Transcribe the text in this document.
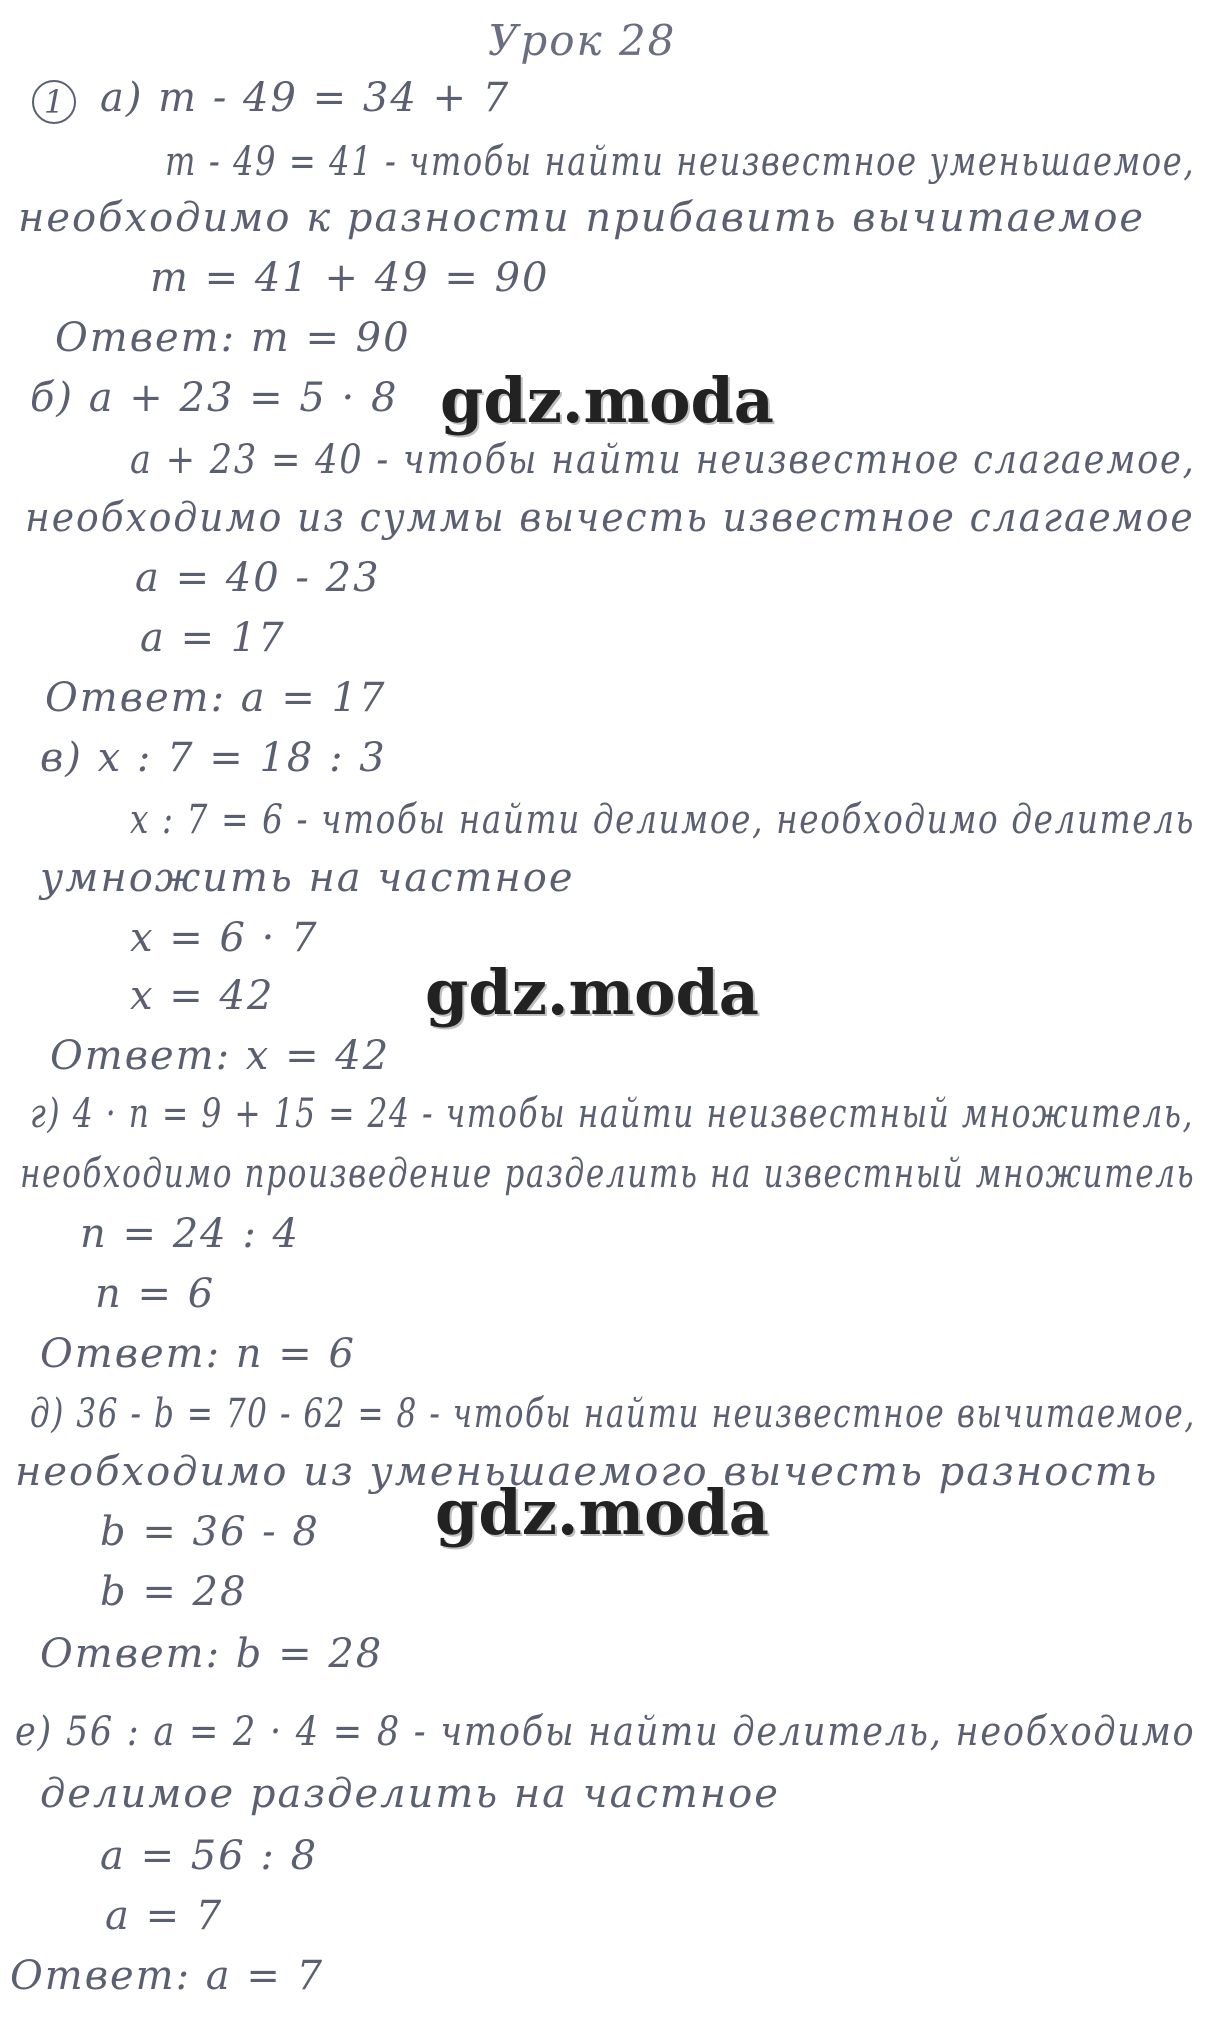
Урок 28
1 а) m - 49 = 34 + 7
m - 49 = 41 - чтобы найти неизвестное уменьшаемое,
необходимо к разности прибавить вычитаемое
m = 41 + 49 = 90
Ответ: m = 90
б) a + 23 = 5 · 8
a + 23 = 40 - чтобы найти неизвестное слагаемое,
необходимо из суммы вычесть известное слагаемое
a = 40 - 23
a = 17
Ответ: a = 17
в) x : 7 = 18 : 3
x : 7 = 6 - чтобы найти делимое, необходимо делитель
умножить на частное
x = 6 · 7
x = 42
Ответ: x = 42
г) 4 · n = 9 + 15 = 24 - чтобы найти неизвестный множитель,
необходимо произведение разделить на известный множитель
n = 24 : 4
n = 6
Ответ: n = 6
д) 36 - b = 70 - 62 = 8 - чтобы найти неизвестное вычитаемое,
необходимо из уменьшаемого вычесть разность
b = 36 - 8
b = 28
Ответ: b = 28
е) 56 : a = 2 · 4 = 8 - чтобы найти делитель, необходимо
делимое разделить на частное
a = 56 : 8
a = 7
Ответ: a = 7
gdz.moda
gdz.moda
gdz.moda
